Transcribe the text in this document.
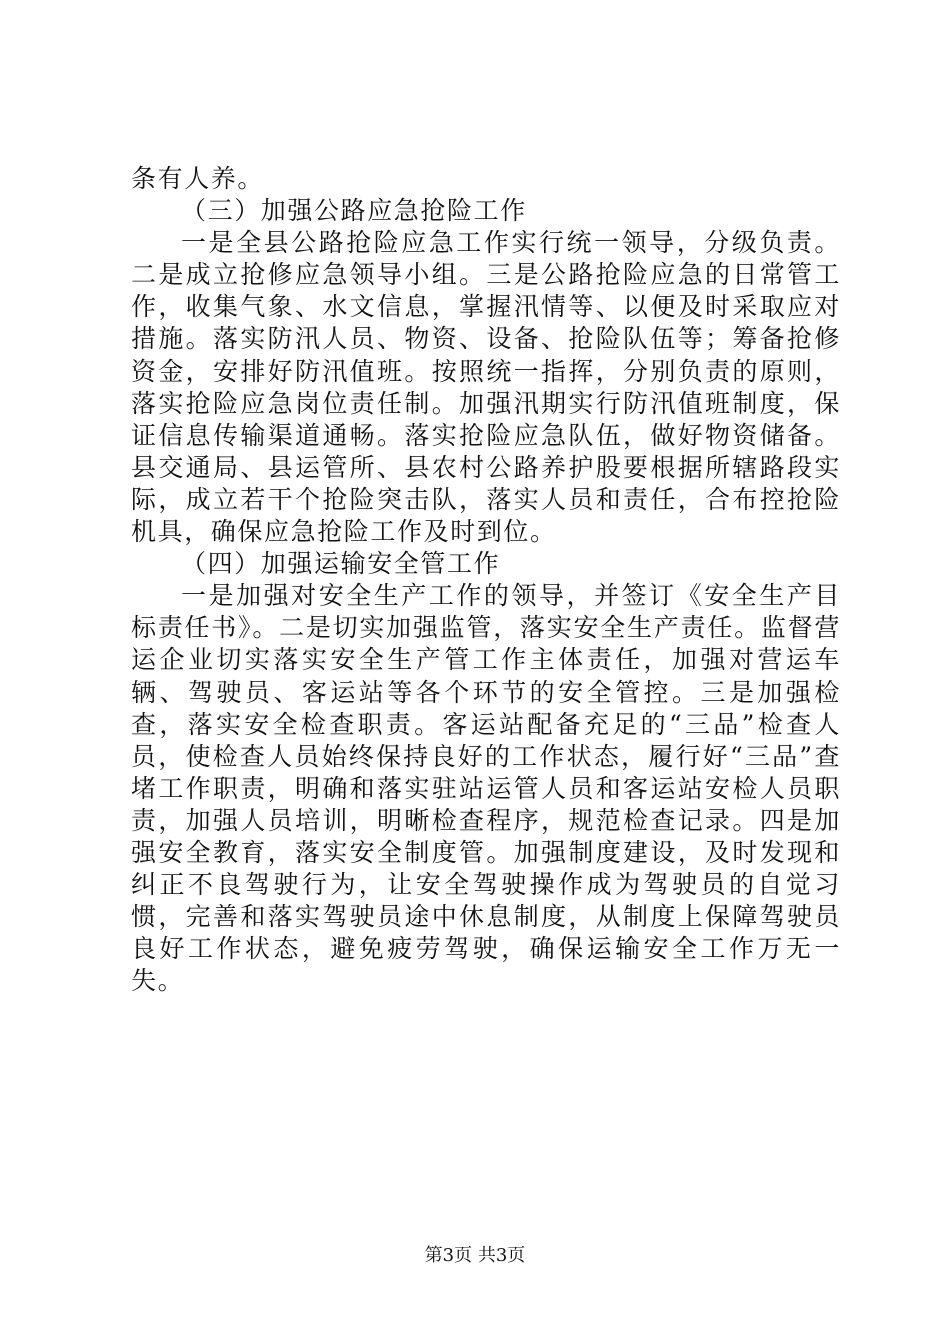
条有人养。

（三）加强公路应急抢险工作

一是全县公路抢险应急工作实行统一领导，分级负责。二是成立抢修应急领导小组。三是公路抢险应急的日常管工作，收集气象、水文信息，掌握汛情等、以便及时采取应对措施。落实防汛人员、物资、设备、抢险队伍等；筹备抢修资金，安排好防汛值班。按照统一指挥，分别负责的原则，落实抢险应急岗位责任制。加强汛期实行防汛值班制度，保证信息传输渠道通畅。落实抢险应急队伍，做好物资储备。县交通局、县运管所、县农村公路养护股要根据所辖路段实际，成立若干个抢险突击队，落实人员和责任，合布控抢险机具，确保应急抢险工作及时到位。

（四）加强运输安全管工作

一是加强对安全生产工作的领导，并签订《安全生产目标责任书》。二是切实加强监管，落实安全生产责任。监督营运企业切实落实安全生产管工作主体责任，加强对营运车辆、驾驶员、客运站等各个环节的安全管控。三是加强检查，落实安全检查职责。客运站配备充足的“三品”检查人员，使检查人员始终保持良好的工作状态，履行好“三品”查堵工作职责，明确和落实驻站运管人员和客运站安检人员职责，加强人员培训，明晰检查程序，规范检查记录。四是加强安全教育，落实安全制度管。加强制度建设，及时发现和纠正不良驾驶行为，让安全驾驶操作成为驾驶员的自觉习惯，完善和落实驾驶员途中休息制度，从制度上保障驾驶员良好工作状态，避免疲劳驾驶，确保运输安全工作万无一失。

第3页 共3页
